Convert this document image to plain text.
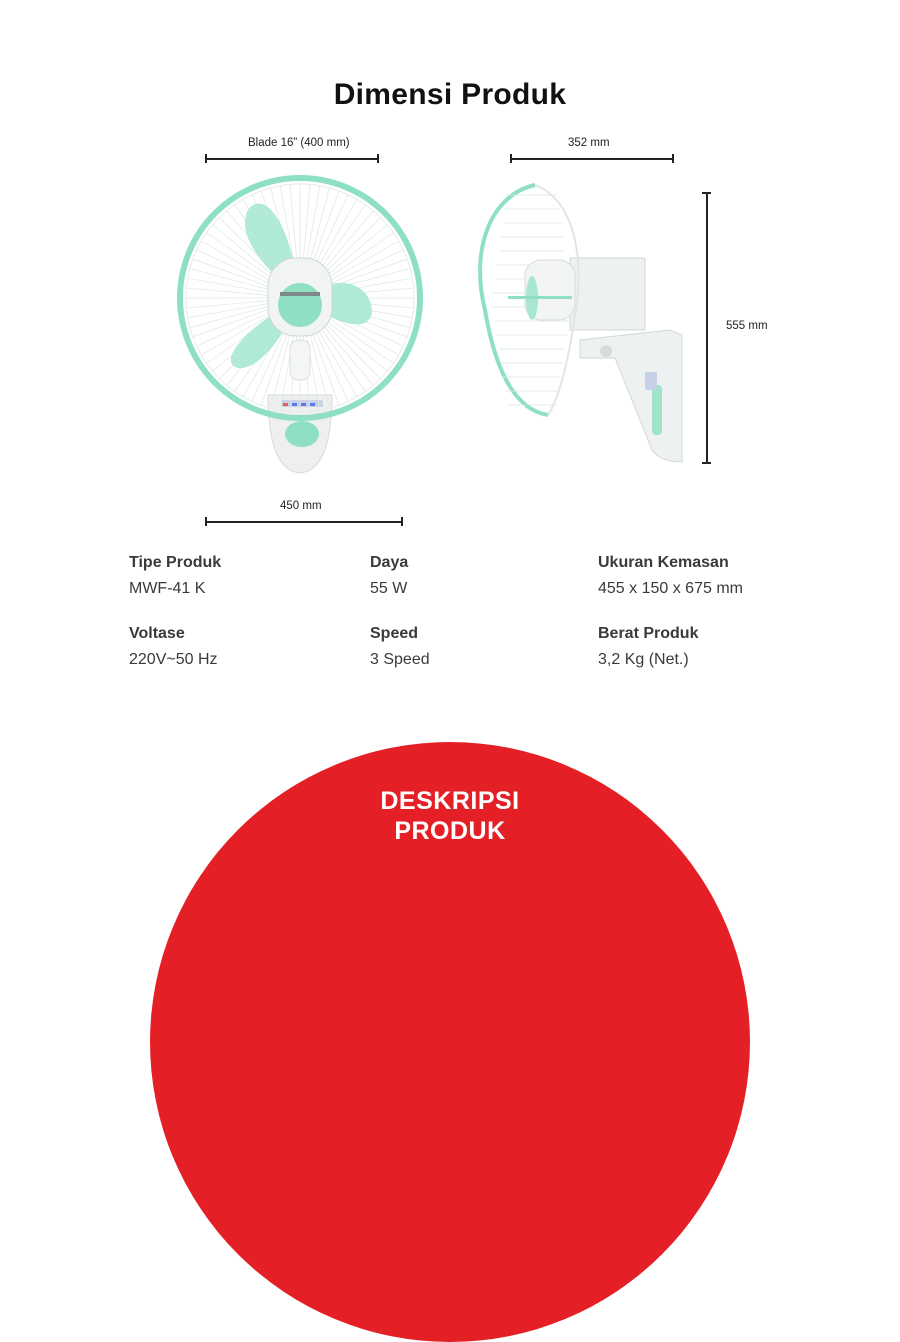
Dimensi Produk
Blade 16” (400 mm)	352 mm
555 mm
450 mm
Tipe Produk
MWF-41 K
Daya
55 W
Ukuran Kemasan
455 x 150 x 675 mm
Voltase
220V~50 Hz
Speed
3 Speed
Berat Produk
3,2 Kg (Net.)
DESKRIPSI
PRODUK
